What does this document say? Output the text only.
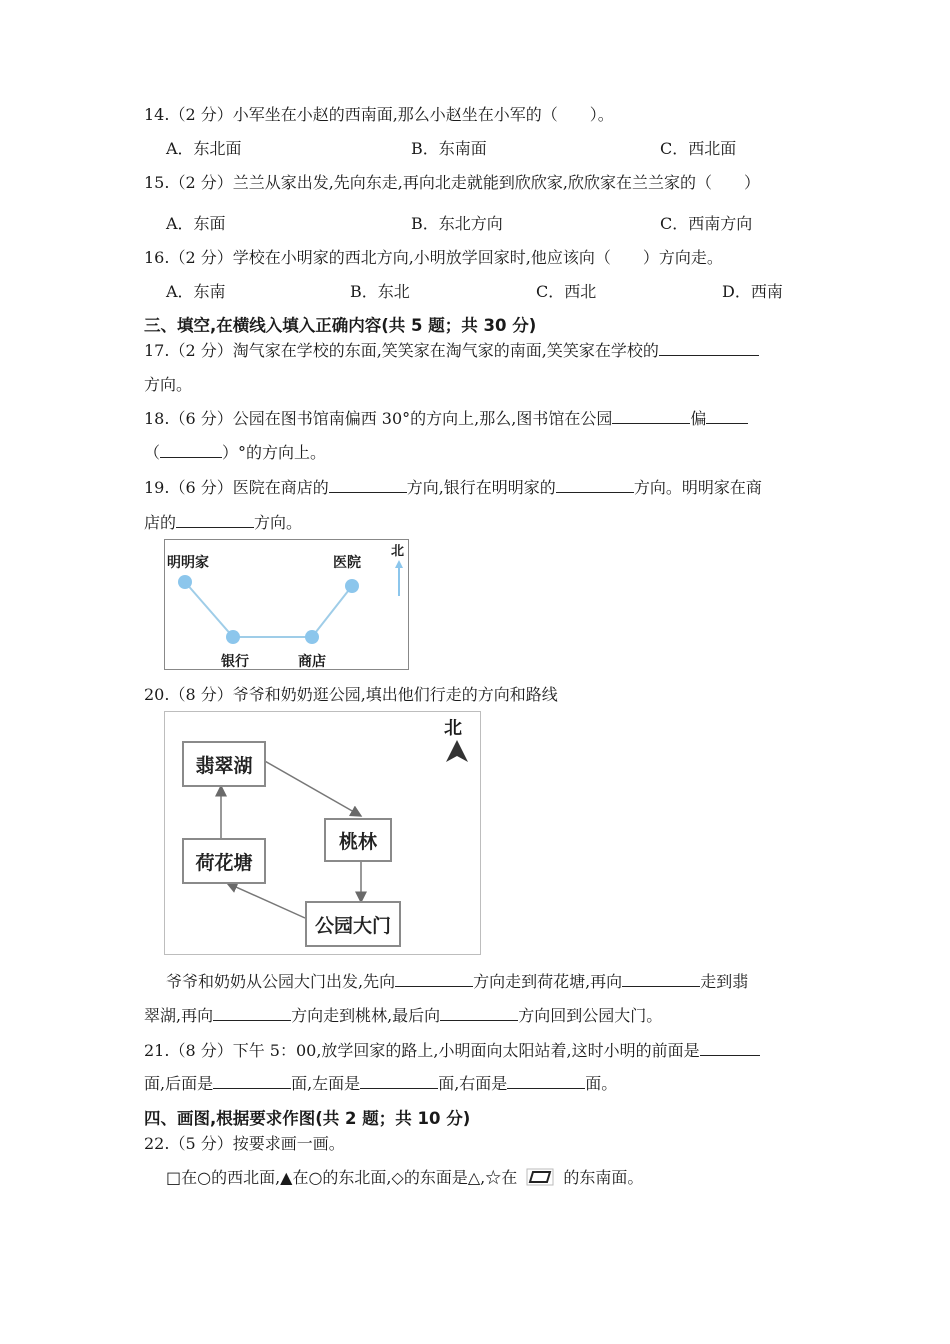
14.（2 分）小军坐在小赵的西南面,那么小赵坐在小军的（　　）。
A．东北面	B．东南面	C．西北面
15.（2 分）兰兰从家出发,先向东走,再向北走就能到欣欣家,欣欣家在兰兰家的（　　）
A．东面	B．东北方向	C．西南方向
16.（2 分）学校在小明家的西北方向,小明放学回家时,他应该向（　　）方向走。
A．东南	B．东北	C．西北	D．西南
三、填空,在横线入填入正确内容(共 5 题；共 30 分)
17.（2 分）淘气家在学校的东面,笑笑家在淘气家的南面,笑笑家在学校的
方向。
18.（6 分）公园在图书馆南偏西 30°的方向上,那么,图书馆在公园	偏
（	）°的方向上。
19.（6 分）医院在商店的	方向,银行在明明家的	方向。明明家在商
店的	方向。
明明家	医院
银行	商店
北
20.（8 分）爷爷和奶奶逛公园,填出他们行走的方向和路线
翡翠湖
桃林
荷花塘
公园大门
北
爷爷和奶奶从公园大门出发,先向	方向走到荷花塘,再向	走到翡
翠湖,再向	方向走到桃林,最后向	方向回到公园大门。
21.（8 分）下午 5：00,放学回家的路上,小明面向太阳站着,这时小明的前面是
面,后面是	面,左面是	面,右面是	面。
四、画图,根据要求作图(共 2 题；共 10 分)
22.（5 分）按要求画一画。
□在○的西北面,▲在○的东北面,◇的东面是△,☆在	的东南面。
